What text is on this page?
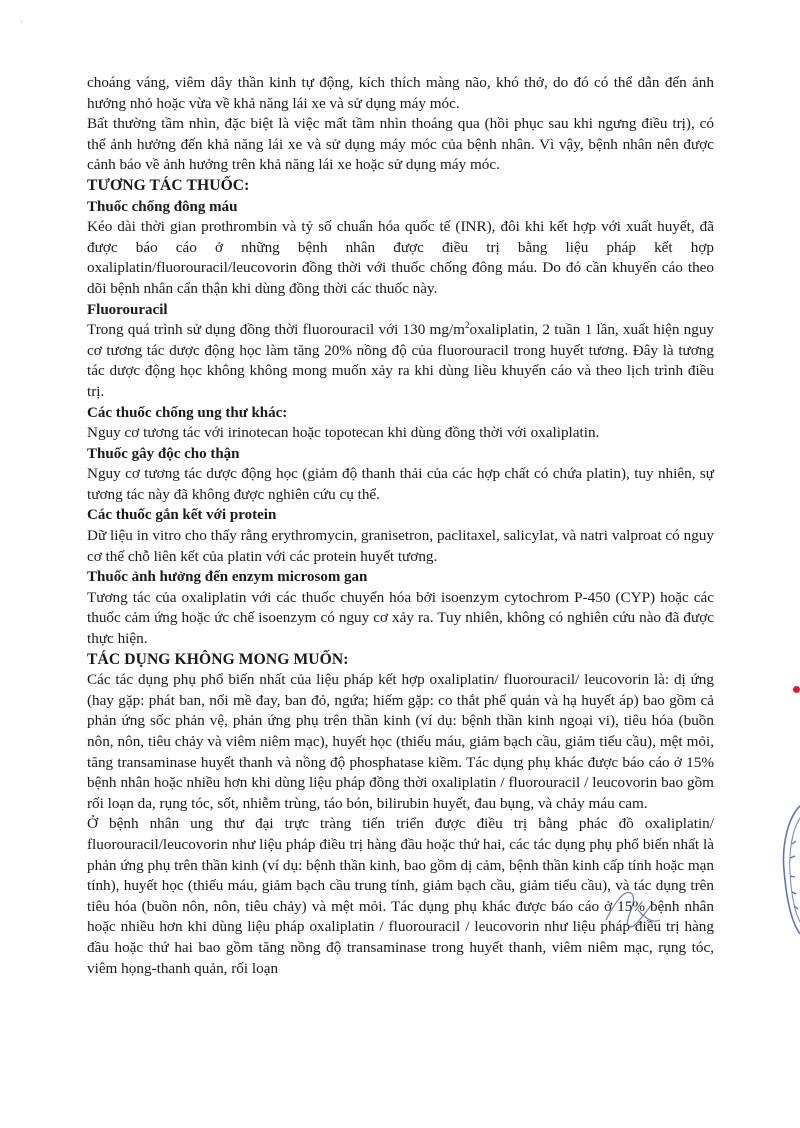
ˎ

choáng váng, viêm dây thần kinh tự động, kích thích màng não, khó thở, do đó có thể dẫn đến ảnh hưởng nhỏ hoặc vừa về khả năng lái xe và sử dụng máy móc.

Bất thường tầm nhìn, đặc biệt là việc mất tầm nhìn thoáng qua (hồi phục sau khi ngưng điều trị), có thể ảnh hưởng đến khả năng lái xe và sử dụng máy móc của bệnh nhân. Vì vậy, bệnh nhân nên được cảnh báo về ảnh hưởng trên khả năng lái xe hoặc sử dụng máy móc.

TƯƠNG TÁC THUỐC:

Thuốc chống đông máu

Kéo dài thời gian prothrombin và tỷ số chuẩn hóa quốc tế (INR), đôi khi kết hợp với xuất huyết, đã được báo cáo ở những bệnh nhân được điều trị bằng liệu pháp kết hợp oxaliplatin/fluorouracil/leucovorin đồng thời với thuốc chống đông máu. Do đó cần khuyến cáo theo dõi bệnh nhân cẩn thận khi dùng đồng thời các thuốc này.

Fluorouracil

Trong quá trình sử dụng đồng thời fluorouracil với 130 $mg/m^2oxaliplatin$, 2 tuần 1 lần, xuất hiện nguy cơ tương tác dược động học làm tăng 20% nồng độ của fluorouracil trong huyết tương. Đây là tương tác dược động học không không mong muốn xảy ra khi dùng liều khuyến cáo và theo lịch trình điều trị.

Các thuốc chống ung thư khác:

Nguy cơ tương tác với irinotecan hoặc topotecan khi dùng đồng thời với oxaliplatin.

Thuốc gây độc cho thận

Nguy cơ tương tác dược động học (giảm độ thanh thải của các hợp chất có chứa platin), tuy nhiên, sự tương tác này đã không được nghiên cứu cụ thể.

Các thuốc gắn kết với protein

Dữ liệu in vitro cho thấy rằng erythromycin, granisetron, paclitaxel, salicylat, và natri valproat có nguy cơ thế chỗ liên kết của platin với các protein huyết tương.

Thuốc ảnh hưởng đến enzym microsom gan

Tương tác của oxaliplatin với các thuốc chuyển hóa bởi isoenzym cytochrom P-450 (CYP) hoặc các thuốc cảm ứng hoặc ức chế isoenzym có nguy cơ xảy ra. Tuy nhiên, không có nghiên cứu nào đã được thực hiện.

TÁC DỤNG KHÔNG MONG MUỐN:

Các tác dụng phụ phổ biến nhất của liệu pháp kết hợp oxaliplatin/ fluorouracil/ leucovorin là: dị ứng (hay gặp: phát ban, nổi mề đay, ban đỏ, ngứa; hiếm gặp: co thắt phế quản và hạ huyết áp) bao gồm cả phản ứng sốc phản vệ, phản ứng phụ trên thần kinh (ví dụ: bệnh thần kinh ngoại vi), tiêu hóa (buồn nôn, nôn, tiêu chảy và viêm niêm mạc), huyết học (thiếu máu, giảm bạch cầu, giảm tiểu cầu), mệt mỏi, tăng transaminase huyết thanh và nồng độ phosphatase kiềm. Tác dụng phụ khác được báo cáo ở 15% bệnh nhân hoặc nhiều hơn khi dùng liệu pháp đồng thời oxaliplatin / fluorouracil / leucovorin bao gồm rối loạn da, rụng tóc, sốt, nhiễm trùng, táo bón, bilirubin huyết, đau bụng, và chảy máu cam.

Ở bệnh nhân ung thư đại trực tràng tiến triển được điều trị bằng phác đồ oxaliplatin/ fluorouracil/leucovorin như liệu pháp điều trị hàng đầu hoặc thứ hai, các tác dụng phụ phổ biến nhất là phản ứng phụ trên thần kinh (ví dụ: bệnh thần kinh, bao gồm dị cảm, bệnh thần kinh cấp tính hoặc mạn tính), huyết học (thiếu máu, giảm bạch cầu trung tính, giảm bạch cầu, giảm tiểu cầu), và tác dụng trên tiêu hóa (buồn nôn, nôn, tiêu chảy) và mệt mỏi. Tác dụng phụ khác được báo cáo ở 15% bệnh nhân hoặc nhiều hơn khi dùng liệu pháp oxaliplatin / fluorouracil / leucovorin như liệu pháp điều trị hàng đầu hoặc thứ hai bao gồm tăng nồng độ transaminase trong huyết thanh, viêm niêm mạc, rụng tóc, viêm họng-thanh quản, rối loạn
